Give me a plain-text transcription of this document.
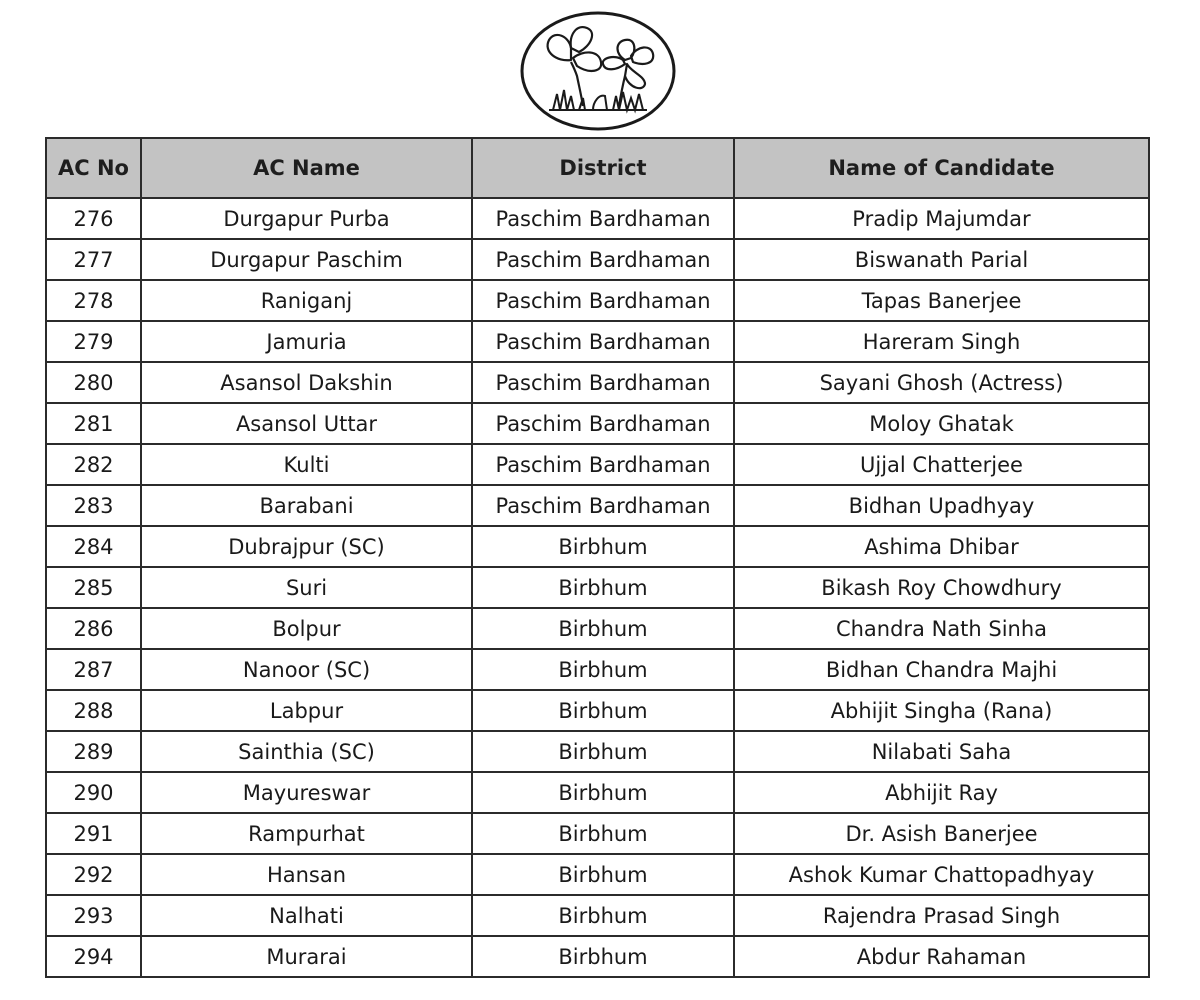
AC No	AC Name	District	Name of Candidate
276	Durgapur Purba	Paschim Bardhaman	Pradip Majumdar
277	Durgapur Paschim	Paschim Bardhaman	Biswanath Parial
278	Raniganj	Paschim Bardhaman	Tapas Banerjee
279	Jamuria	Paschim Bardhaman	Hareram Singh
280	Asansol Dakshin	Paschim Bardhaman	Sayani Ghosh (Actress)
281	Asansol Uttar	Paschim Bardhaman	Moloy Ghatak
282	Kulti	Paschim Bardhaman	Ujjal Chatterjee
283	Barabani	Paschim Bardhaman	Bidhan Upadhyay
284	Dubrajpur (SC)	Birbhum	Ashima Dhibar
285	Suri	Birbhum	Bikash Roy Chowdhury
286	Bolpur	Birbhum	Chandra Nath Sinha
287	Nanoor (SC)	Birbhum	Bidhan Chandra Majhi
288	Labpur	Birbhum	Abhijit Singha (Rana)
289	Sainthia (SC)	Birbhum	Nilabati Saha
290	Mayureswar	Birbhum	Abhijit Ray
291	Rampurhat	Birbhum	Dr. Asish Banerjee
292	Hansan	Birbhum	Ashok Kumar Chattopadhyay
293	Nalhati	Birbhum	Rajendra Prasad Singh
294	Murarai	Birbhum	Abdur Rahaman
